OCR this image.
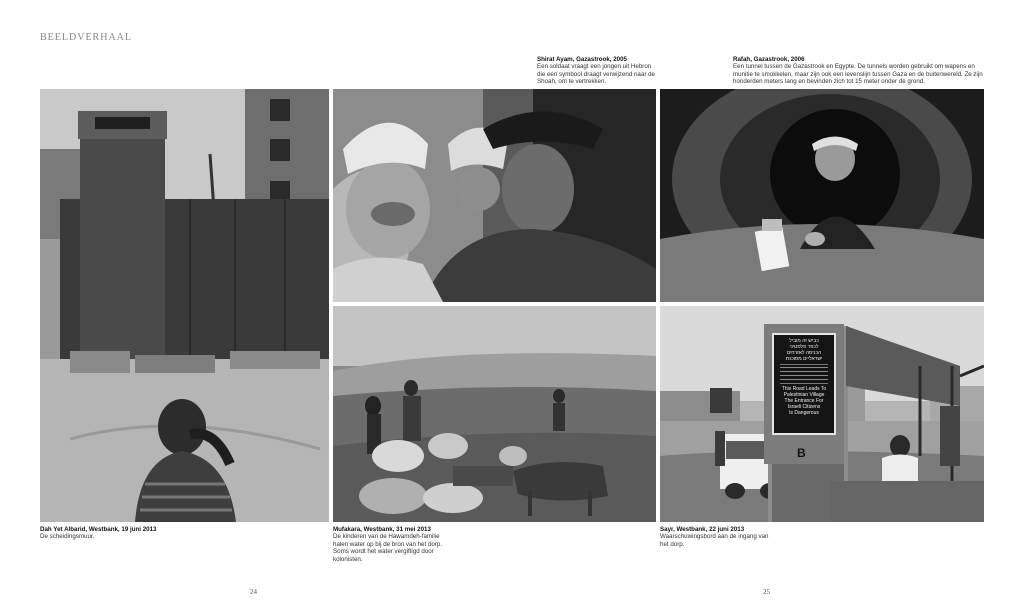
BEELDVERHAAL
Shirat Ayam, Gazastrook, 2005
Een soldaat vraagt een jongen uit Hebron die een symbool draagt verwijzend naar de Shoah, om te vertrekken.
Rafah, Gazastrook, 2006
Een tunnel tussen de Gazastrook en Egypte. De tunnels worden gebruikt om wapens en munitie te smokkelen, maar zijn ook een levenslijn tussen Gaza en de buitenwereld. Ze zijn honderden meters lang en bevinden zich tot 15 meter onder de grond.
כביש זה מוביל
לכפר פלסטיני
הכניסה לאזרחים
ישראליים מסוכנת
This Road Leads To
Palestinian Village
The Entrance For
Israeli Citizens
Is Dangerous
B
Dah Yet Albarid, Westbank, 19 juni 2013
De scheidingsmuur.
Mufakara, Westbank, 31 mei 2013
De kinderen van de Hawamdeh-familie halen water op bij de bron van het dorp. Soms wordt het water vergiftigd door kolonisten.
Sayr, Westbank, 22 juni 2013
Waarschuwingsbord aan de ingang van het dorp.
24	25
